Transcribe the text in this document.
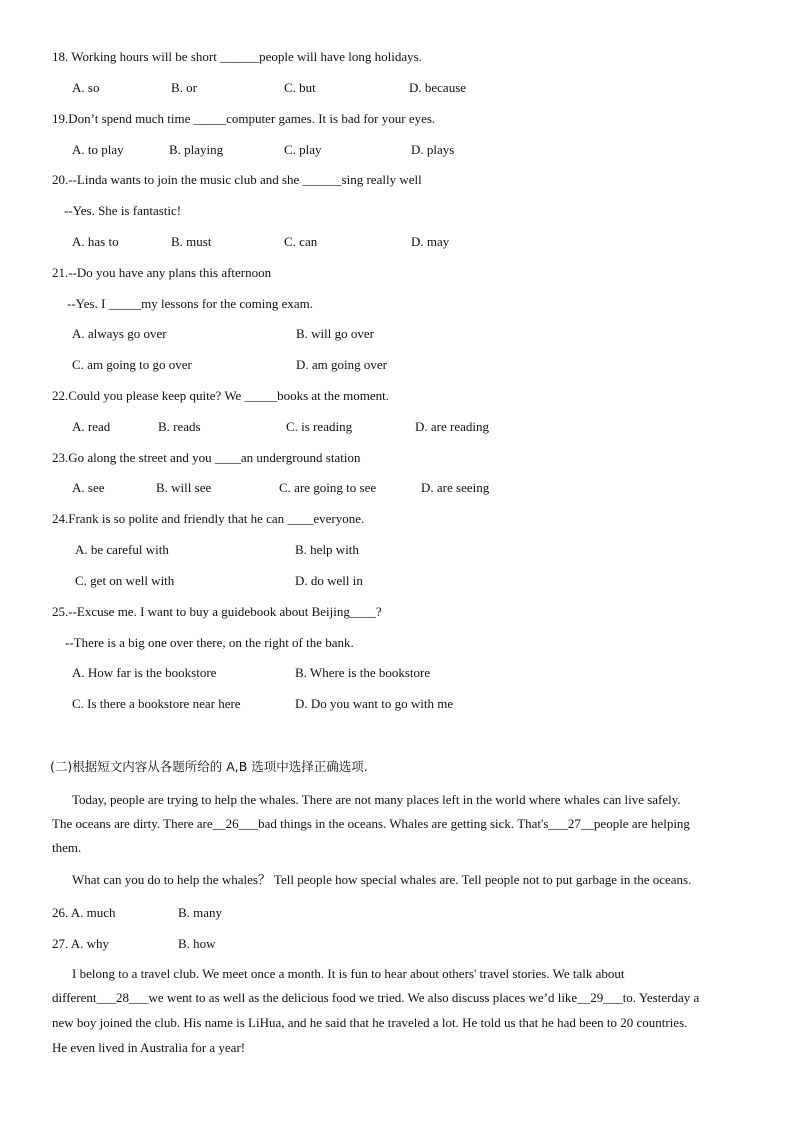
18. Working hours will be short ______people will have long holidays.
A. so	B. or	C. but	D. because
19.Don’t spend much time _____computer games. It is bad for your eyes.
A. to play	B. playing	C. play	D. plays
20.--Linda wants to join the music club and she ______sing really well
--Yes. She is fantastic!
A. has to	B. must	C. can	D. may
21.--Do you have any plans this afternoon
--Yes. I _____my lessons for the coming exam.
A. always go over	B. will go over
C. am going to go over	D. am going over
22.Could you please keep quite? We _____books at the moment.
A. read	B. reads	C. is reading	D. are reading
23.Go along the street and you ____an underground station
A. see	B. will see	C. are going to see	D. are seeing
24.Frank is so polite and friendly that he can ____everyone.
A. be careful with	B. help with
C. get on well with	D. do well in
25.--Excuse me. I want to buy a guidebook about Beijing____?
--There is a big one over there, on the right of the bank.
A. How far is the bookstore	B. Where is the bookstore
C. Is there a bookstore near here	D. Do you want to go with me
(二)根据短文内容从各题所给的 A,B 选项中选择正确选项.
Today, people are trying to help the whales. There are not many places left in the world where whales can live safely.
The oceans are dirty. There are__26___bad things in the oceans. Whales are getting sick. That's___27__people are helping
them.
What can you do to help the whales？ Tell people how special whales are. Tell people not to put garbage in the oceans.
26. A. much	B. many
27. A. why	B. how
I belong to a travel club. We meet once a month. It is fun to hear about others' travel stories. We talk about
different___28___we went to as well as the delicious food we tried. We also discuss places we’d like__29___to. Yesterday a
new boy joined the club. His name is LiHua, and he said that he traveled a lot. He told us that he had been to 20 countries.
He even lived in Australia for a year!
